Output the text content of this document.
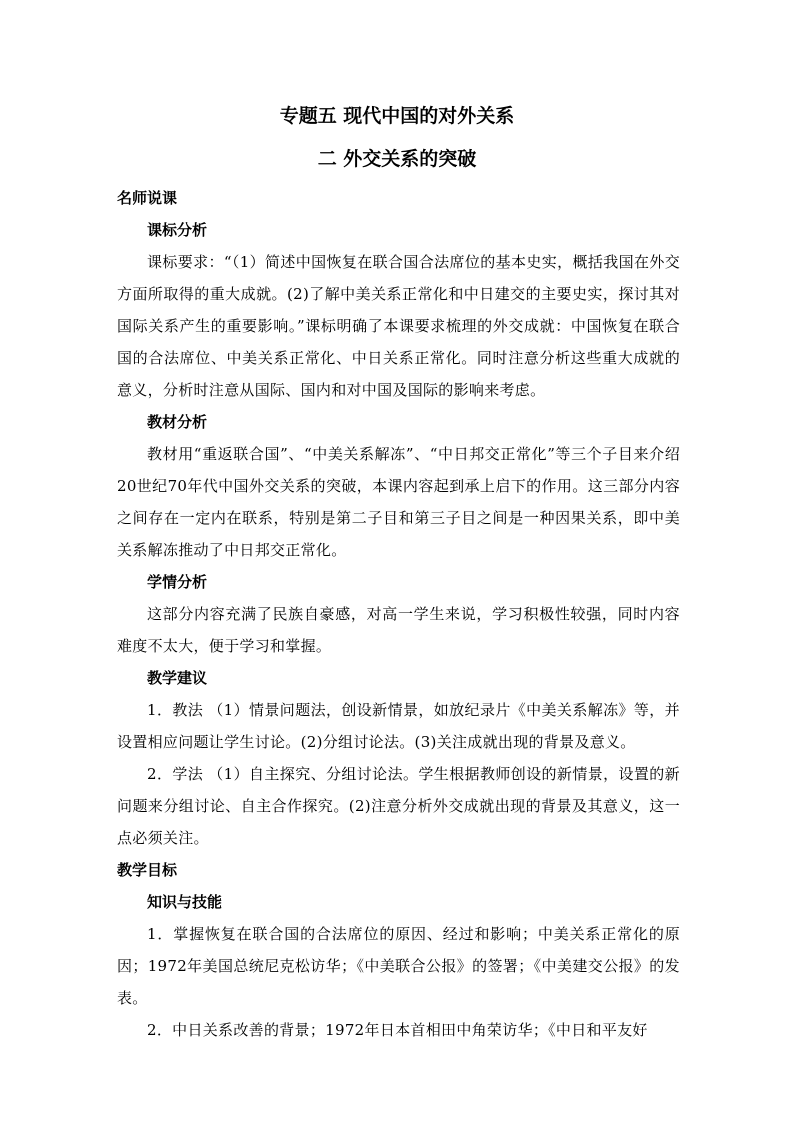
专题五 现代中国的对外关系
二 外交关系的突破

名师说课

课标分析

课标要求：“（1）简述中国恢复在联合国合法席位的基本史实，概括我国在外交方面所取得的重大成就。(2)了解中美关系正常化和中日建交的主要史实，探讨其对国际关系产生的重要影响。”课标明确了本课要求梳理的外交成就：中国恢复在联合国的合法席位、中美关系正常化、中日关系正常化。同时注意分析这些重大成就的意义，分析时注意从国际、国内和对中国及国际的影响来考虑。

教材分析

教材用“重返联合国”、“中美关系解冻”、“中日邦交正常化”等三个子目来介绍20世纪70年代中国外交关系的突破，本课内容起到承上启下的作用。这三部分内容之间存在一定内在联系，特别是第二子目和第三子目之间是一种因果关系，即中美关系解冻推动了中日邦交正常化。

学情分析

这部分内容充满了民族自豪感，对高一学生来说，学习积极性较强，同时内容难度不太大，便于学习和掌握。

教学建议

1．教法 （1）情景问题法，创设新情景，如放纪录片《中美关系解冻》等，并设置相应问题让学生讨论。(2)分组讨论法。(3)关注成就出现的背景及意义。

2．学法 （1）自主探究、分组讨论法。学生根据教师创设的新情景，设置的新问题来分组讨论、自主合作探究。(2)注意分析外交成就出现的背景及其意义，这一点必须关注。

教学目标

知识与技能

1．掌握恢复在联合国的合法席位的原因、经过和影响；中美关系正常化的原因；1972年美国总统尼克松访华；《中美联合公报》的签署；《中美建交公报》的发表。

2．中日关系改善的背景；1972年日本首相田中角荣访华；《中日和平友好
